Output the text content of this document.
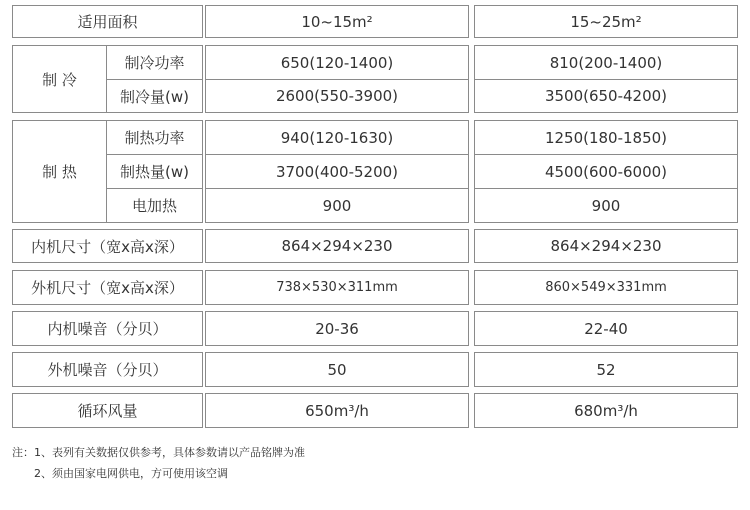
适用面积	10~15m²	15~25m²
制 冷
制冷功率	650(120-1400)	810(200-1400)
制冷量(w)	2600(550-3900)	3500(650-4200)
制 热
制热功率	940(120-1630)	1250(180-1850)
制热量(w)	3700(400-5200)	4500(600-6000)
电加热	900	900
内机尺寸（宽x高x深）	864×294×230	864×294×230
外机尺寸（宽x高x深）	738×530×311mm	860×549×331mm
内机噪音（分贝）	20-36	22-40
外机噪音（分贝）	50	52
循环风量	650m³/h	680m³/h
注：1、表列有关数据仅供参考，具体参数请以产品铭牌为准
2、须由国家电网供电，方可使用该空调
